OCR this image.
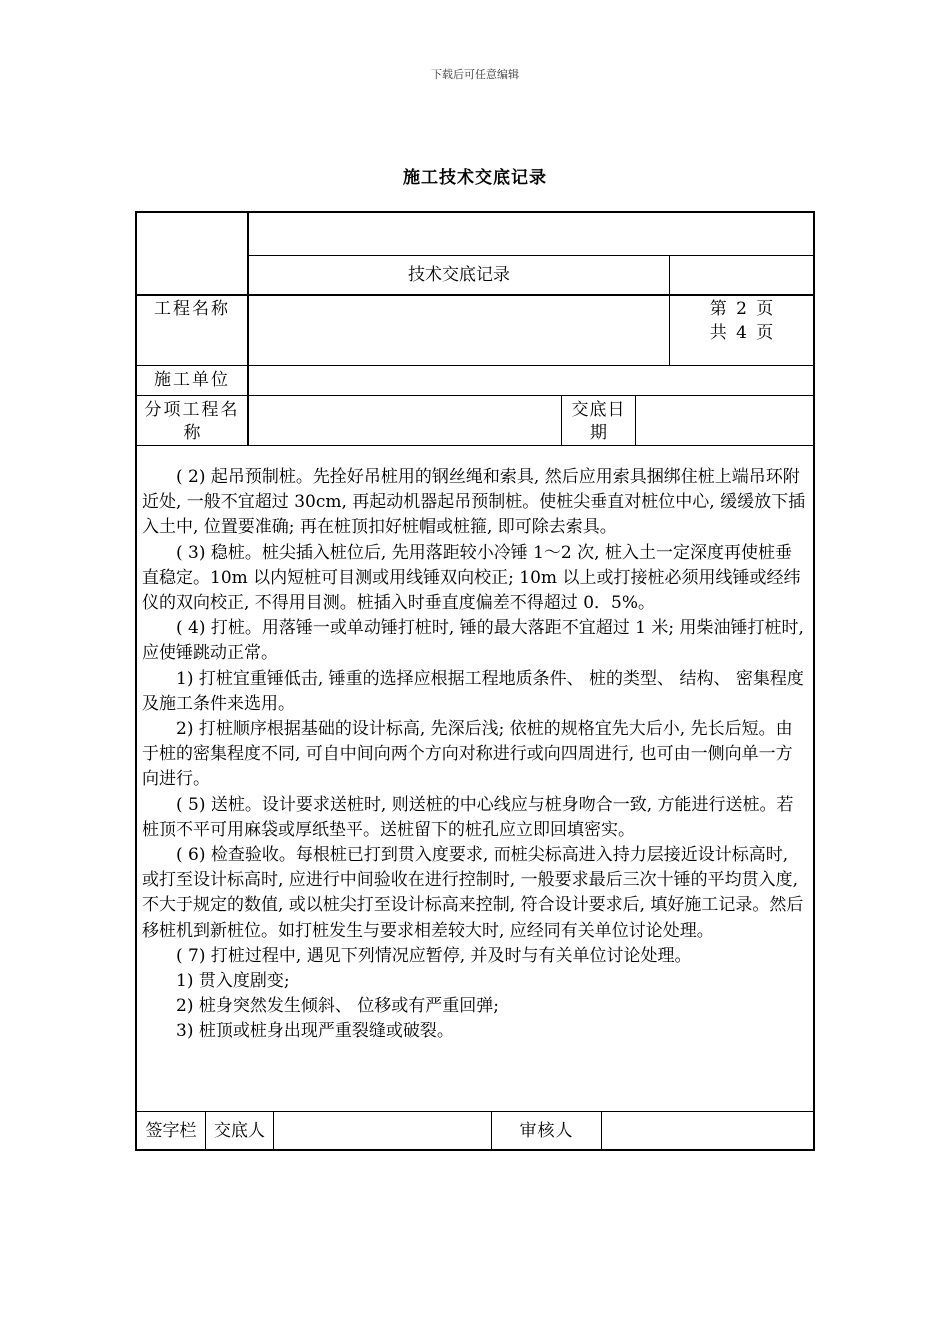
下载后可任意编辑
施工技术交底记录
技术交底记录
第 2 页
共 4 页
工程名称
施工单位
分项工程名
称
交底日
期

( 2) 起吊预制桩。先拴好吊桩用的钢丝绳和索具, 然后应用索具捆绑住桩上端吊环附近处, 一般不宜超过 30cm, 再起动机器起吊预制桩。使桩尖垂直对桩位中心, 缓缓放下插入土中, 位置要准确; 再在桩顶扣好桩帽或桩箍, 即可除去索具。

( 3) 稳桩。桩尖插入桩位后, 先用落距较小冷锤 1～2 次, 桩入土一定深度再使桩垂直稳定。10m 以内短桩可目测或用线锤双向校正; 10m 以上或打接桩必须用线锤或经纬仪的双向校正, 不得用目测。桩插入时垂直度偏差不得超过 0．5%。

( 4) 打桩。用落锤一或单动锤打桩时, 锤的最大落距不宜超过 1 米; 用柴油锤打桩时, 应使锤跳动正常。

1) 打桩宜重锤低击, 锤重的选择应根据工程地质条件、 桩的类型、 结构、 密集程度及施工条件来选用。

2) 打桩顺序根据基础的设计标高, 先深后浅; 依桩的规格宜先大后小, 先长后短。由于桩的密集程度不同, 可自中间向两个方向对称进行或向四周进行, 也可由一侧向单一方向进行。

( 5) 送桩。设计要求送桩时, 则送桩的中心线应与桩身吻合一致, 方能进行送桩。若桩顶不平可用麻袋或厚纸垫平。送桩留下的桩孔应立即回填密实。

( 6) 检查验收。每根桩已打到贯入度要求, 而桩尖标高进入持力层接近设计标高时, 或打至设计标高时, 应进行中间验收在进行控制时, 一般要求最后三次十锤的平均贯入度, 不大于规定的数值, 或以桩尖打至设计标高来控制, 符合设计要求后, 填好施工记录。然后移桩机到新桩位。如打桩发生与要求相差较大时, 应经同有关单位讨论处理。

( 7) 打桩过程中, 遇见下列情况应暂停, 并及时与有关单位讨论处理。

1) 贯入度剧变;

2) 桩身突然发生倾斜、 位移或有严重回弹;

3) 桩顶或桩身出现严重裂缝或破裂。

签字栏	交底人	审核人
